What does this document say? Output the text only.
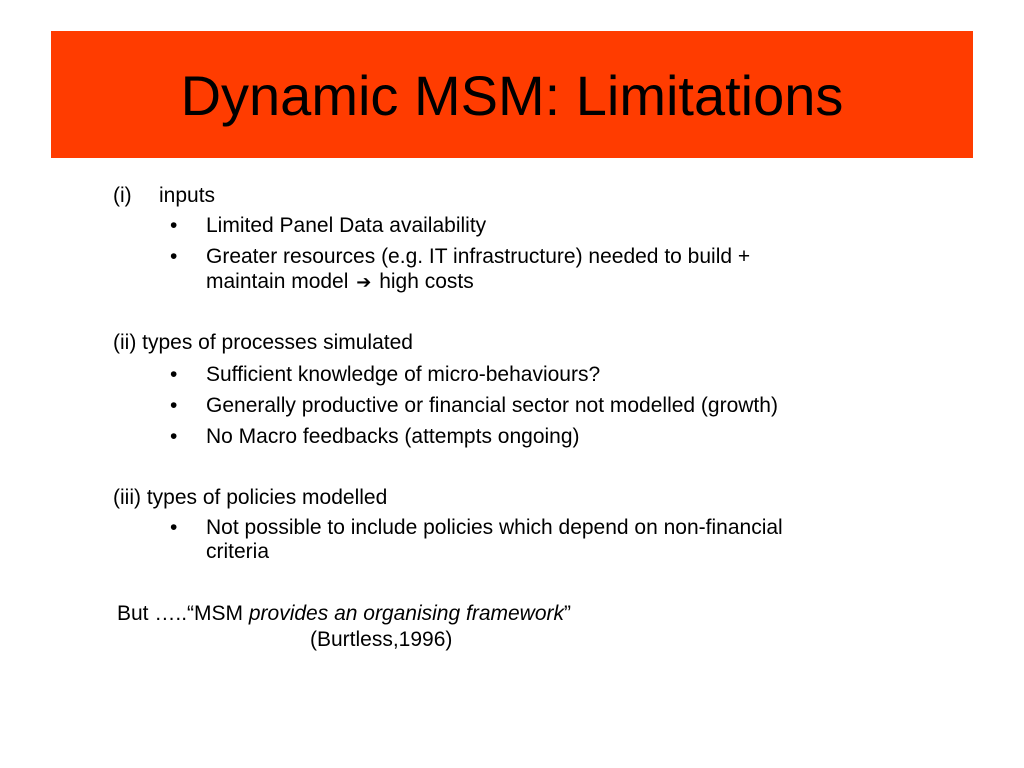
Dynamic MSM: Limitations
(i) inputs
• Limited Panel Data availability
• Greater resources (e.g. IT infrastructure) needed to build +
maintain model ➔ high costs
(ii) types of processes simulated
• Sufficient knowledge of micro-behaviours?
• Generally productive or financial sector not modelled (growth)
• No Macro feedbacks (attempts ongoing)
(iii) types of policies modelled
• Not possible to include policies which depend on non-financial
criteria
But …..“MSM provides an organising framework”
(Burtless,1996)
